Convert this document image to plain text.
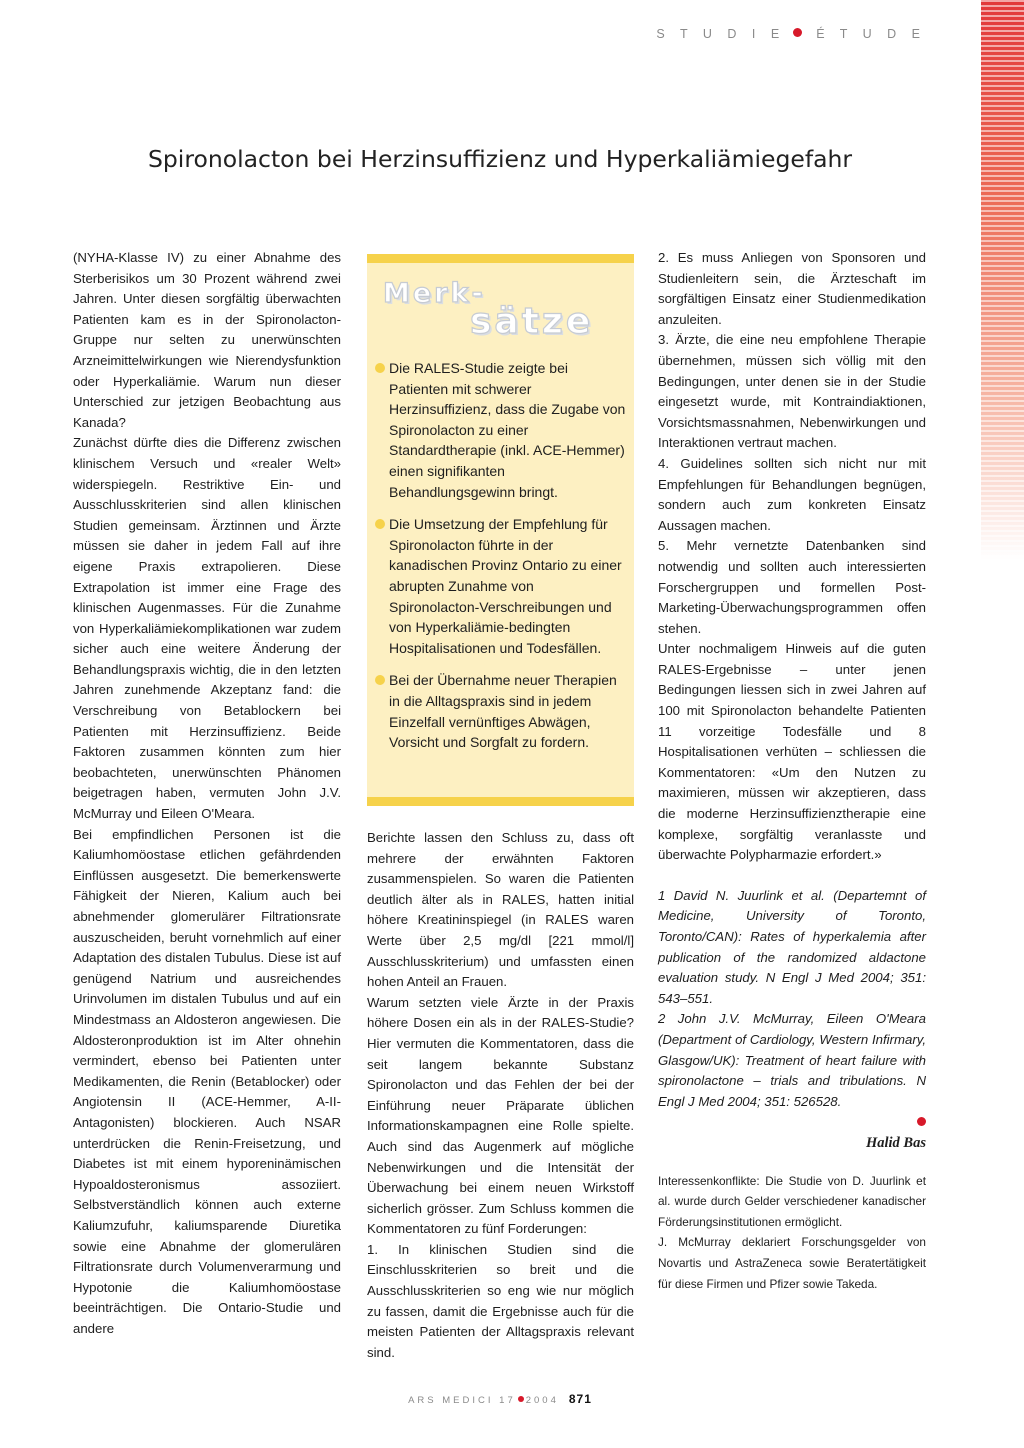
S T U D I E É T U D E
Spironolacton bei Herzinsuffizienz und Hyperkaliämiegefahr

(NYHA-Klasse IV) zu einer Abnahme des Sterberisikos um 30 Prozent während zwei Jahren. Unter diesen sorgfältig überwachten Patienten kam es in der Spironolacton-Gruppe nur selten zu unerwünschten Arzneimittelwirkungen wie Nierendysfunktion oder Hyperkaliämie. Warum nun dieser Unterschied zur jetzigen Beobachtung aus Kanada?

Zunächst dürfte dies die Differenz zwischen klinischem Versuch und «realer Welt» widerspiegeln. Restriktive Ein- und Ausschlusskriterien sind allen klinischen Studien gemeinsam. Ärztinnen und Ärzte müssen sie daher in jedem Fall auf ihre eigene Praxis extrapolieren. Diese Extrapolation ist immer eine Frage des klinischen Augenmasses. Für die Zunahme von Hyperkaliämiekomplikationen war zudem sicher auch eine weitere Änderung der Behandlungspraxis wichtig, die in den letzten Jahren zunehmende Akzeptanz fand: die Verschreibung von Betablockern bei Patienten mit Herzinsuffizienz. Beide Faktoren zusammen könnten zum hier beobachteten, unerwünschten Phänomen beigetragen haben, vermuten John J.V. McMurray und Eileen O'Meara.

Bei empfindlichen Personen ist die Kaliumhomöostase etlichen gefährdenden Einflüssen ausgesetzt. Die bemerkenswerte Fähigkeit der Nieren, Kalium auch bei abnehmender glomerulärer Filtrationsrate auszuscheiden, beruht vornehmlich auf einer Adaptation des distalen Tubulus. Diese ist auf genügend Natrium und ausreichendes Urinvolumen im distalen Tubulus und auf ein Mindestmass an Aldosteron angewiesen. Die Aldosteronproduktion ist im Alter ohnehin vermindert, ebenso bei Patienten unter Medikamenten, die Renin (Betablocker) oder Angiotensin II (ACE-Hemmer, A-II-Antagonisten) blockieren. Auch NSAR unterdrücken die Renin-Freisetzung, und Diabetes ist mit einem hyporeninämischen Hypoaldosteronismus assoziiert. Selbstverständlich können auch externe Kaliumzufuhr, kaliumsparende Diuretika sowie eine Abnahme der glomerulären Filtrationsrate durch Volumenverarmung und Hypotonie die Kaliumhomöostase beeinträchtigen. Die Ontario-Studie und andere

Merk-
sätze
Die RALES-Studie zeigte bei Patienten mit schwerer Herzinsuffizienz, dass die Zugabe von Spironolacton zu einer Standardtherapie (inkl. ACE-Hemmer) einen signifikanten Behandlungsgewinn bringt.
Die Umsetzung der Empfehlung für Spironolacton führte in der kanadischen Provinz Ontario zu einer abrupten Zunahme von Spironolacton-Verschreibungen und von Hyperkaliämie-bedingten Hospitalisationen und Todesfällen.
Bei der Übernahme neuer Therapien in die Alltagspraxis sind in jedem Einzelfall vernünftiges Abwägen, Vorsicht und Sorgfalt zu fordern.

Berichte lassen den Schluss zu, dass oft mehrere der erwähnten Faktoren zusammenspielen. So waren die Patienten deutlich älter als in RALES, hatten initial höhere Kreatininspiegel (in RALES waren Werte über 2,5 mg/dl [221 mmol/l] Ausschlusskriterium) und umfassten einen hohen Anteil an Frauen.

Warum setzten viele Ärzte in der Praxis höhere Dosen ein als in der RALES-Studie? Hier vermuten die Kommentatoren, dass die seit langem bekannte Substanz Spironolacton und das Fehlen der bei der Einführung neuer Präparate üblichen Informationskampagnen eine Rolle spielte. Auch sind das Augenmerk auf mögliche Nebenwirkungen und die Intensität der Überwachung bei einem neuen Wirkstoff sicherlich grösser. Zum Schluss kommen die Kommentatoren zu fünf Forderungen:

1. In klinischen Studien sind die Einschlusskriterien so breit und die Ausschlusskriterien so eng wie nur möglich zu fassen, damit die Ergebnisse auch für die meisten Patienten der Alltagspraxis relevant sind.

2. Es muss Anliegen von Sponsoren und Studienleitern sein, die Ärzteschaft im sorgfältigen Einsatz einer Studienmedikation anzuleiten.

3. Ärzte, die eine neu empfohlene Therapie übernehmen, müssen sich völlig mit den Bedingungen, unter denen sie in der Studie eingesetzt wurde, mit Kontraindiaktionen, Vorsichtsmassnahmen, Nebenwirkungen und Interaktionen vertraut machen.

4. Guidelines sollten sich nicht nur mit Empfehlungen für Behandlungen begnügen, sondern auch zum konkreten Einsatz Aussagen machen.

5. Mehr vernetzte Datenbanken sind notwendig und sollten auch interessierten Forschergruppen und formellen Post-Marketing-Überwachungsprogrammen offen stehen.

Unter nochmaligem Hinweis auf die guten RALES-Ergebnisse – unter jenen Bedingungen liessen sich in zwei Jahren auf 100 mit Spironolacton behandelte Patienten 11 vorzeitige Todesfälle und 8 Hospitalisationen verhüten – schliessen die Kommentatoren: «Um den Nutzen zu maximieren, müssen wir akzeptieren, dass die moderne Herzinsuffizienztherapie eine komplexe, sorgfältig veranlasste und überwachte Polypharmazie erfordert.»

1 David N. Juurlink et al. (Departemnt of Medicine, University of Toronto, Toronto/CAN): Rates of hyperkalemia after publication of the randomized aldactone evaluation study. N Engl J Med 2004; 351: 543–551.

2 John J.V. McMurray, Eileen O'Meara (Department of Cardiology, Western Infirmary, Glasgow/UK): Treatment of heart failure with spironolactone – trials and tribulations. N Engl J Med 2004; 351: 526528.

Halid Bas

Interessenkonflikte: Die Studie von D. Juurlink et al. wurde durch Gelder verschiedener kanadischer Förderungsinstitutionen ermöglicht.

J. McMurray deklariert Forschungsgelder von Novartis und AstraZeneca sowie Beratertätigkeit für diese Firmen und Pfizer sowie Takeda.

ARS MEDICI 17 2004 871
